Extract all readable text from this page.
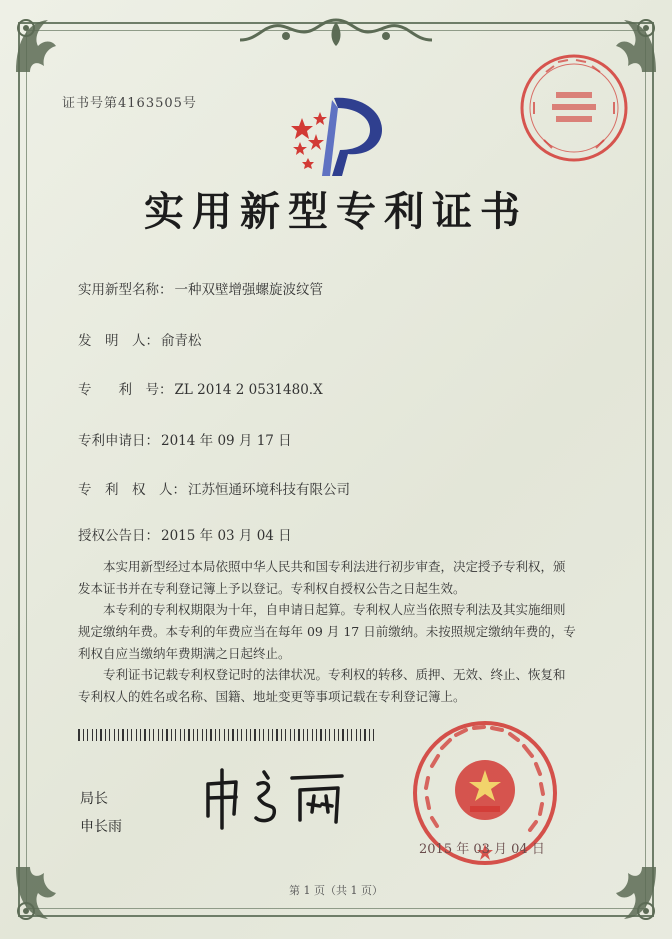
证书号第4163505号
实用新型专利证书
实用新型名称： 一种双壁增强螺旋波纹管
发　明　人： 俞青松
专　　利　号： ZL 2014 2 0531480.X
专利申请日： 2014 年 09 月 17 日
专　利　权　人： 江苏恒通环境科技有限公司
授权公告日： 2015 年 03 月 04 日
本实用新型经过本局依照中华人民共和国专利法进行初步审查，决定授予专利权，颁
发本证书并在专利登记簿上予以登记。专利权自授权公告之日起生效。
本专利的专利权期限为十年，自申请日起算。专利权人应当依照专利法及其实施细则
规定缴纳年费。本专利的年费应当在每年 09 月 17 日前缴纳。未按照规定缴纳年费的，专
利权自应当缴纳年费期满之日起终止。
专利证书记载专利权登记时的法律状况。专利权的转移、质押、无效、终止、恢复和
专利权人的姓名或名称、国籍、地址变更等事项记载在专利登记簿上。
局长
申长雨
2015 年 03 月 04 日
第 1 页（共 1 页）
